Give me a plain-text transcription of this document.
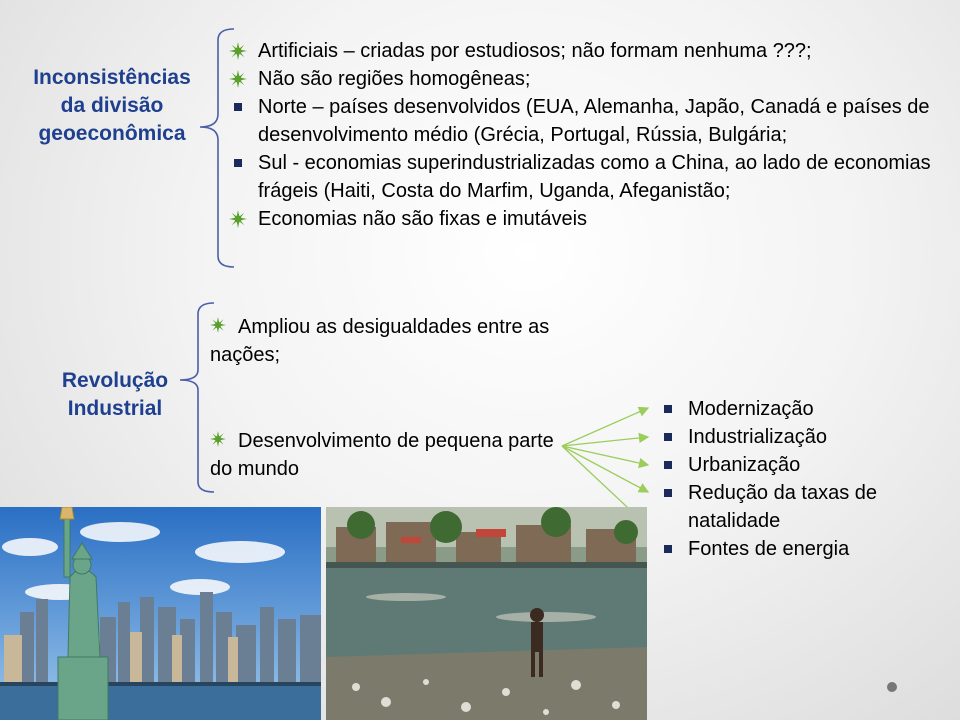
Inconsistências
da divisão
geoeconômica
Artificiais – criadas por estudiosos; não formam nenhuma ???;
Não são regiões homogêneas;
Norte – países desenvolvidos (EUA, Alemanha, Japão, Canadá e países de desenvolvimento médio (Grécia, Portugal, Rússia, Bulgária;
Sul - economias superindustrializadas como a China, ao lado de economias frágeis (Haiti, Costa do Marfim, Uganda, Afeganistão;
Economias não são fixas e imutáveis
Revolução
Industrial
Ampliou as desigualdades entre as nações;
Desenvolvimento de pequena parte do mundo
Modernização
Industrialização
Urbanização
Redução da taxas de natalidade
Fontes de energia
